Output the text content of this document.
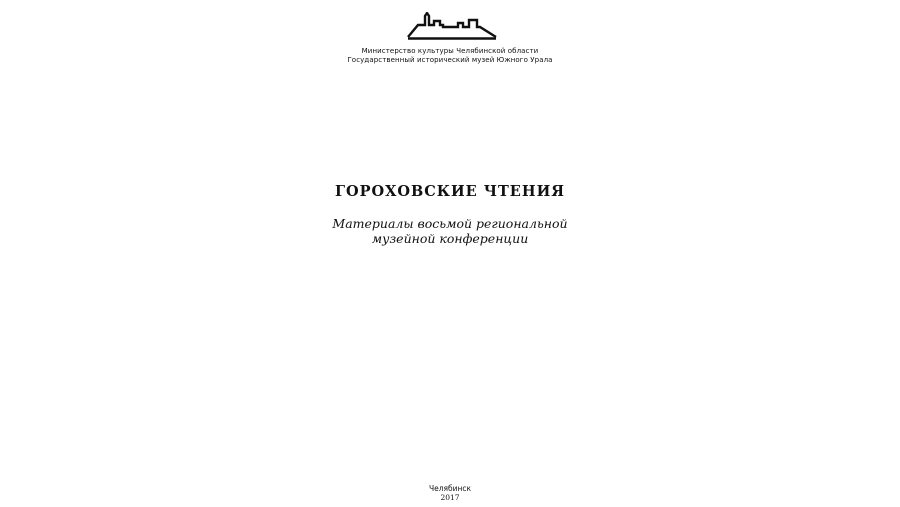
Министерство культуры Челябинской области
Государственный исторический музей Южного Урала
ГОРОХОВСКИЕ ЧТЕНИЯ
Материалы восьмой региональной
музейной конференции
Челябинск
2017
